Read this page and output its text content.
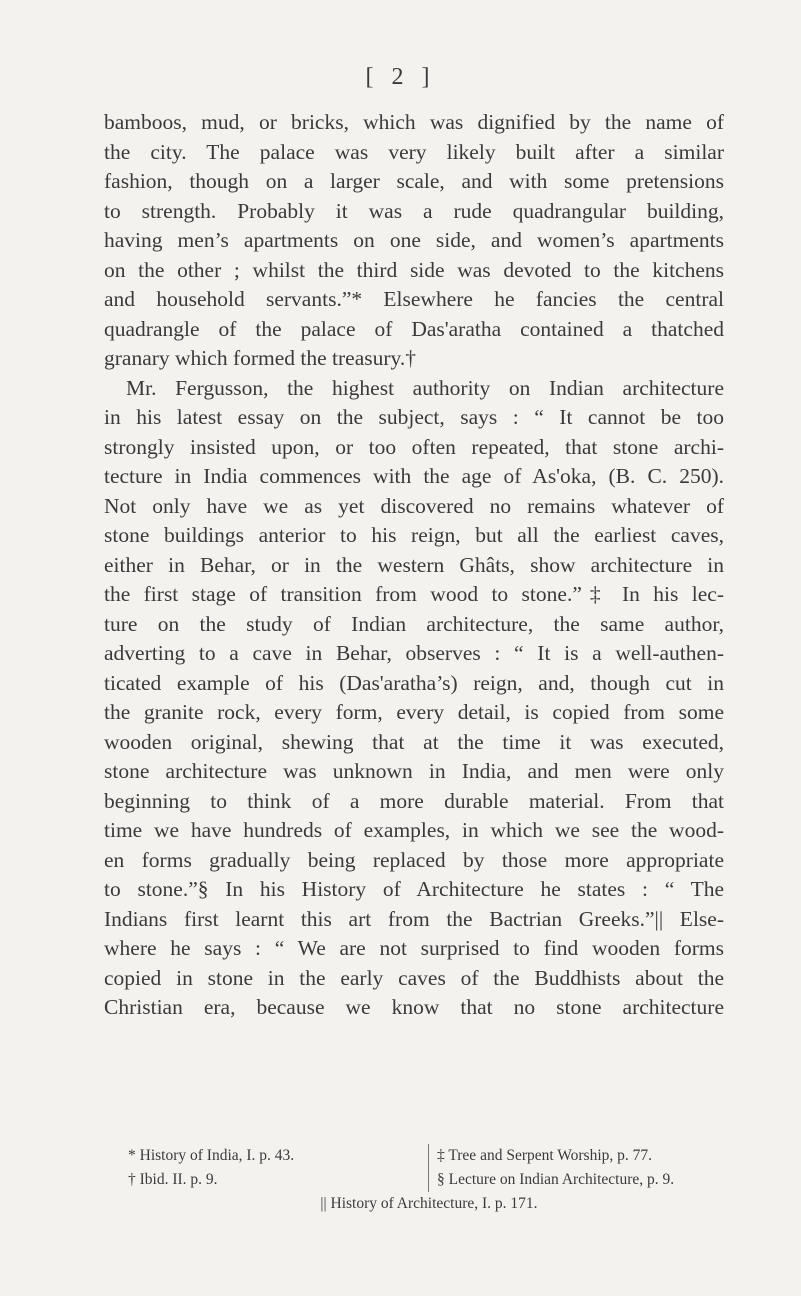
[ 2 ]
bamboos, mud, or bricks, which was dignified by the name of
the city. The palace was very likely built after a similar
fashion, though on a larger scale, and with some pretensions
to strength. Probably it was a rude quadrangular building,
having men’s apartments on one side, and women’s apartments
on the other ; whilst the third side was devoted to the kitchens
and household servants.”* Elsewhere he fancies the central
quadrangle of the palace of Das'aratha contained a thatched
granary which formed the treasury.†
Mr. Fergusson, the highest authority on Indian architecture
in his latest essay on the subject, says : “ It cannot be too
strongly insisted upon, or too often repeated, that stone archi-
tecture in India commences with the age of As'oka, (B. C. 250).
Not only have we as yet discovered no remains whatever of
stone buildings anterior to his reign, but all the earliest caves,
either in Behar, or in the western Ghâts, show architecture in
the first stage of transition from wood to stone.”‡ In his lec-
ture on the study of Indian architecture, the same author,
adverting to a cave in Behar, observes : “ It is a well-authen-
ticated example of his (Das'aratha’s) reign, and, though cut in
the granite rock, every form, every detail, is copied from some
wooden original, shewing that at the time it was executed,
stone architecture was unknown in India, and men were only
beginning to think of a more durable material. From that
time we have hundreds of examples, in which we see the wood-
en forms gradually being replaced by those more appropriate
to stone.”§ In his History of Architecture he states : “ The
Indians first learnt this art from the Bactrian Greeks.”|| Else-
where he says : “ We are not surprised to find wooden forms
copied in stone in the early caves of the Buddhists about the
Christian era, because we know that no stone architecture
* History of India, I. p. 43.	‡ Tree and Serpent Worship, p. 77.
† Ibid. II. p. 9.	§ Lecture on Indian Architecture, p. 9.
|| History of Architecture, I. p. 171.
